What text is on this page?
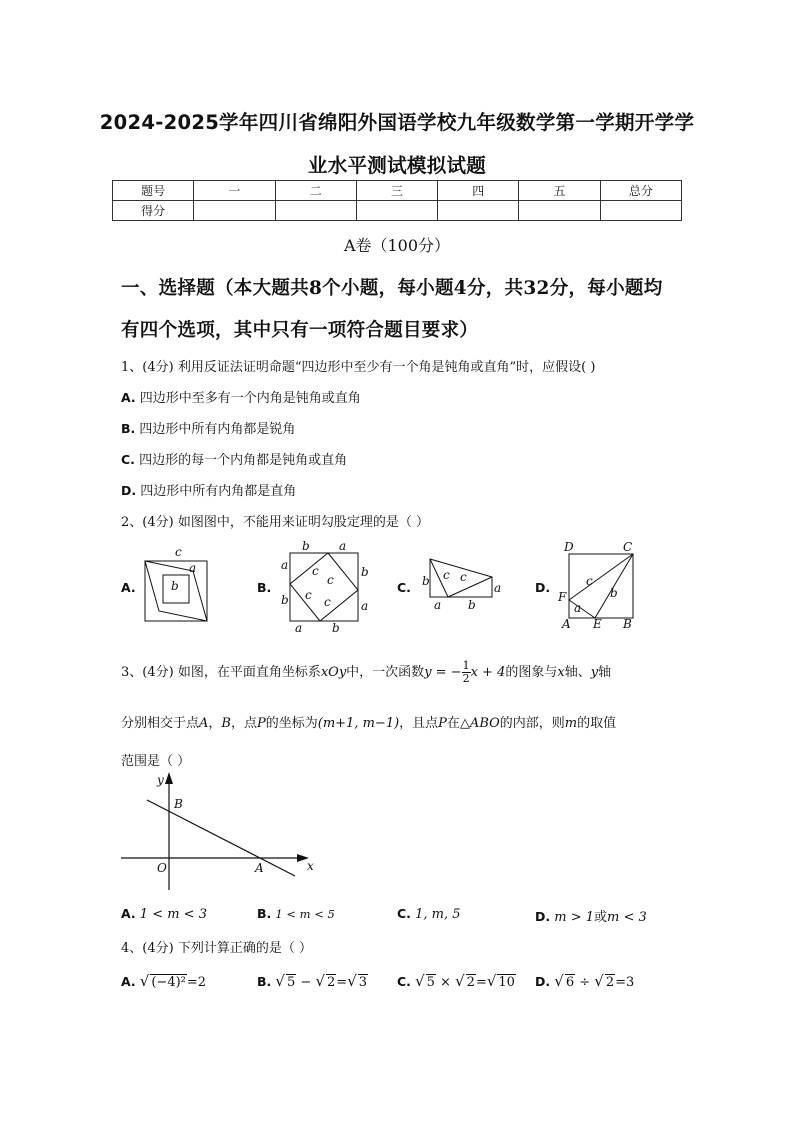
2024-2025学年四川省绵阳外国语学校九年级数学第一学期开学学
业水平测试模拟试题
题号	一	二	三	四	五	总分
得分						
A卷（100分）
一、选择题（本大题共8个小题，每小题4分，共32分，每小题均
有四个选项，其中只有一项符合题目要求）
1、(4分) 利用反证法证明命题“四边形中至少有一个角是钝角或直角”时，应假设( )
A. 四边形中至多有一个内角是钝角或直角
B. 四边形中所有内角都是锐角
C. 四边形的每一个内角都是钝角或直角
D. 四边形中所有内角都是直角
2、(4分) 如图图中，不能用来证明勾股定理的是（ ）
A.
c
a
b	B.
b a
a	b
b	a
a b
c
c
c c
C. b c c
a
a b
D.
D	C
c
F
a
b
A E B
3、(4分) 如图，在平面直角坐标系xOy中，一次函数y = − $\frac{1}{2}$ x + 4的图象与x轴、y轴
分别相交于点A，B，点P的坐标为(m+1, m−1)，且点P在△ABO的内部，则m的取值
范围是（ ）
y
B
O	A	x
A. 1 < m < 3	B. 1 < m < 5	C. 1, m, 5	D. m > 1或m < 3
4、(4分) 下列计算正确的是（ ）
A. √ (−4)²=2	B. √ 5 − √ 2=√ 3 C. √ 5 × √ 2=√ 10 D. √ 6 ÷ √ 2=3
